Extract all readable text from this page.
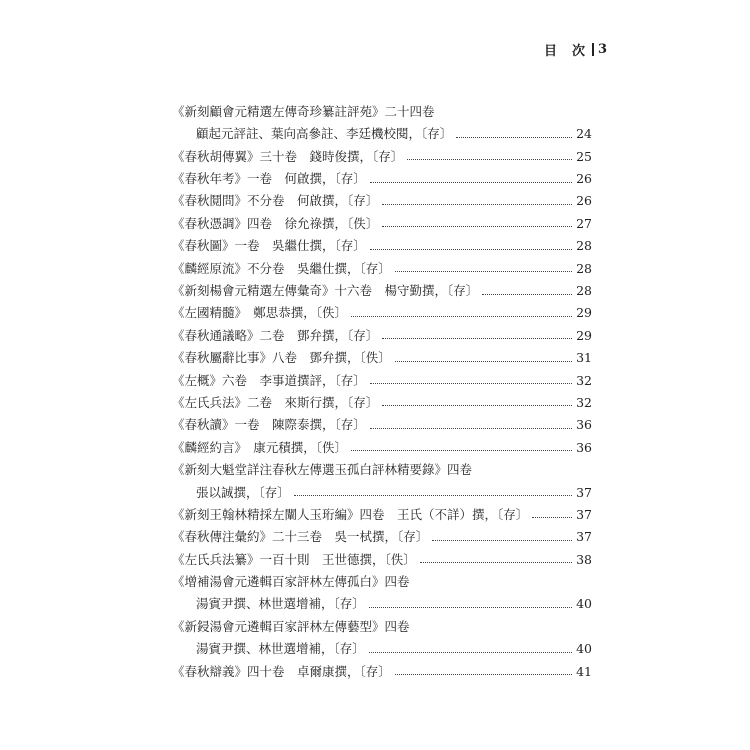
目　次 3
《新刻顧會元精選左傳奇珍纂註評苑》二十四卷
顧起元評註、葉向高參註、李廷機校閱，〔存〕	24
《春秋胡傳翼》三十卷　錢時俊撰，〔存〕	25
《春秋年考》一卷　何啟撰，〔存〕	26
《春秋鬩問》不分卷　何啟撰，〔存〕	26
《春秋憑調》四卷　徐允祿撰，〔佚〕	27
《春秋圖》一卷　吳繼仕撰，〔存〕	28
《麟經原流》不分卷　吳繼仕撰，〔存〕	28
《新刻楊會元精選左傳彙奇》十六卷　楊守勤撰，〔存〕	28
《左國精髓》　鄭思恭撰，〔佚〕	29
《春秋通議略》二卷　鄧弁撰，〔存〕	29
《春秋屬辭比事》八卷　鄧弁撰，〔佚〕	31
《左概》六卷　李事道撰評，〔存〕	32
《左氏兵法》二卷　來斯行撰，〔存〕	32
《春秋讀》一卷　陳際泰撰，〔存〕	36
《麟經約言》　康元積撰，〔佚〕	36
《新刻大魁堂詳注春秋左傳選玉孤白評林精要錄》四卷
張以誠撰，〔存〕	37
《新刻王翰林精採左闡人玉珩編》四卷　王氏（不詳）撰，〔存〕	37
《春秋傳注彙約》二十三卷　吳一栻撰，〔存〕	37
《左氏兵法纂》一百十則　王世德撰，〔佚〕	38
《增補湯會元遴輯百家評林左傳孤白》四卷
湯賓尹撰、林世選增補，〔存〕	40
《新鋟湯會元遴輯百家評林左傳藝型》四卷
湯賓尹撰、林世選增補，〔存〕	40
《春秋辯義》四十卷　卓爾康撰，〔存〕	41
